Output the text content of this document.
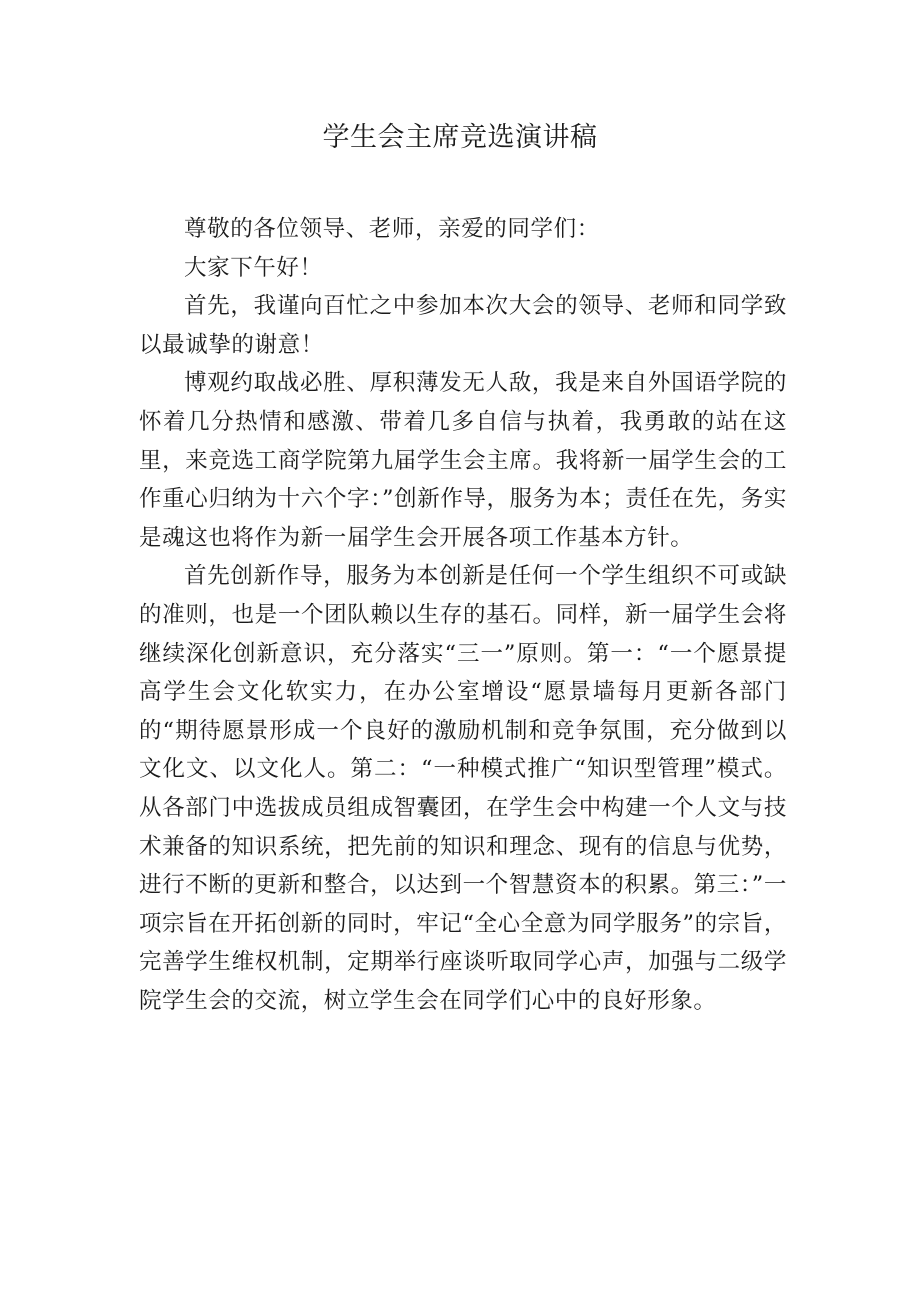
学生会主席竞选演讲稿

尊敬的各位领导、老师，亲爱的同学们：

大家下午好！

首先，我谨向百忙之中参加本次大会的领导、老师和同学致以最诚挚的谢意！

博观约取战必胜、厚积薄发无人敌，我是来自外国语学院的怀着几分热情和感激、带着几多自信与执着，我勇敢的站在这里，来竞选工商学院第九届学生会主席。我将新一届学生会的工作重心归纳为十六个字：”创新作导，服务为本；责任在先，务实是魂这也将作为新一届学生会开展各项工作基本方针。

首先创新作导，服务为本创新是任何一个学生组织不可或缺的准则，也是一个团队赖以生存的基石。同样，新一届学生会将继续深化创新意识，充分落实“三一”原则。第一：“一个愿景提高学生会文化软实力，在办公室增设“愿景墙每月更新各部门的“期待愿景形成一个良好的激励机制和竞争氛围，充分做到以文化文、以文化人。第二：“一种模式推广“知识型管理”模式。从各部门中选拔成员组成智囊团，在学生会中构建一个人文与技术兼备的知识系统，把先前的知识和理念、现有的信息与优势，进行不断的更新和整合，以达到一个智慧资本的积累。第三：”一项宗旨在开拓创新的同时，牢记“全心全意为同学服务”的宗旨，完善学生维权机制，定期举行座谈听取同学心声，加强与二级学院学生会的交流，树立学生会在同学们心中的良好形象。
